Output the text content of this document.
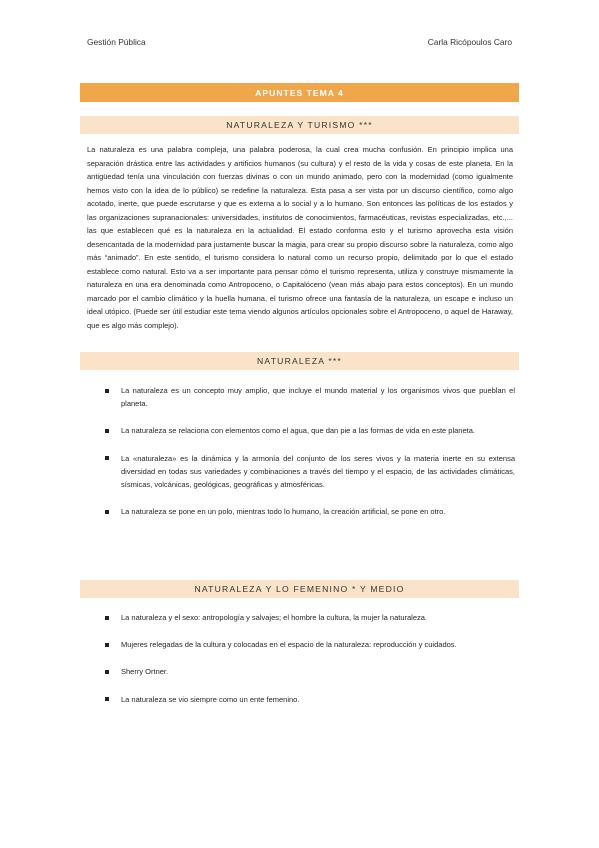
Gestión Pública	Carla Ricópoulos Caro
APUNTES TEMA 4
NATURALEZA Y TURISMO ***

La naturaleza es una palabra compleja, una palabra poderosa, la cual crea mucha confusión. En principio implica una separación drástica entre las actividades y artificios humanos (su cultura) y el resto de la vida y cosas de este planeta. En la antigüedad tenía una vinculación con fuerzas divinas o con un mundo animado, pero con la modernidad (como igualmente hemos visto con la idea de lo público) se redefine la naturaleza. Esta pasa a ser vista por un discurso científico, como algo acotado, inerte, que puede escrutarse y que es externa a lo social y a lo humano. Son entonces las políticas de los estados y las organizaciones supranacionales: universidades, institutos de conocimientos, farmacéuticas, revistas especializadas, etc.,... las que establecen qué es la naturaleza en la actualidad. El estado conforma esto y el turismo aprovecha esta visión desencantada de la modernidad para justamente buscar la magia, para crear su propio discurso sobre la naturaleza, como algo más “animado”. En este sentido, el turismo considera lo natural como un recurso propio, delimitado por lo que el estado establece como natural. Esto va a ser importante para pensar cómo el turismo representa, utiliza y construye mismamente la naturaleza en una era denominada como Antropoceno, o Capitalóceno (vean más abajo para estos conceptos). En un mundo marcado por el cambio climático y la huella humana, el turismo ofrece una fantasía de la naturaleza, un escape e incluso un ideal utópico. (Puede ser útil estudiar este tema viendo algunos artículos opcionales sobre el Antropoceno, o aquel de Haraway, que es algo más complejo).

NATURALEZA ***
La naturaleza es un concepto muy amplio, que incluye el mundo material y los organismos vivos que pueblan el planeta.
La naturaleza se relaciona con elementos como el agua, que dan pie a las formas de vida en este planeta.
La «naturaleza» es la dinámica y la armonía del conjunto de los seres vivos y la materia inerte en su extensa diversidad en todas sus variedades y combinaciones a través del tiempo y el espacio, de las actividades climáticas, sísmicas, volcánicas, geológicas, geográficas y atmosféricas.
La naturaleza se pone en un polo, mientras todo lo humano, la creación artificial, se pone en otro.
NATURALEZA Y LO FEMENINO * Y MEDIO
La naturaleza y el sexo: antropología y salvajes; el hombre la cultura, la mujer la naturaleza.
Mujeres relegadas de la cultura y colocadas en el espacio de la naturaleza: reproducción y cuidados.
Sherry Ortner.
La naturaleza se vio siempre como un ente femenino.
